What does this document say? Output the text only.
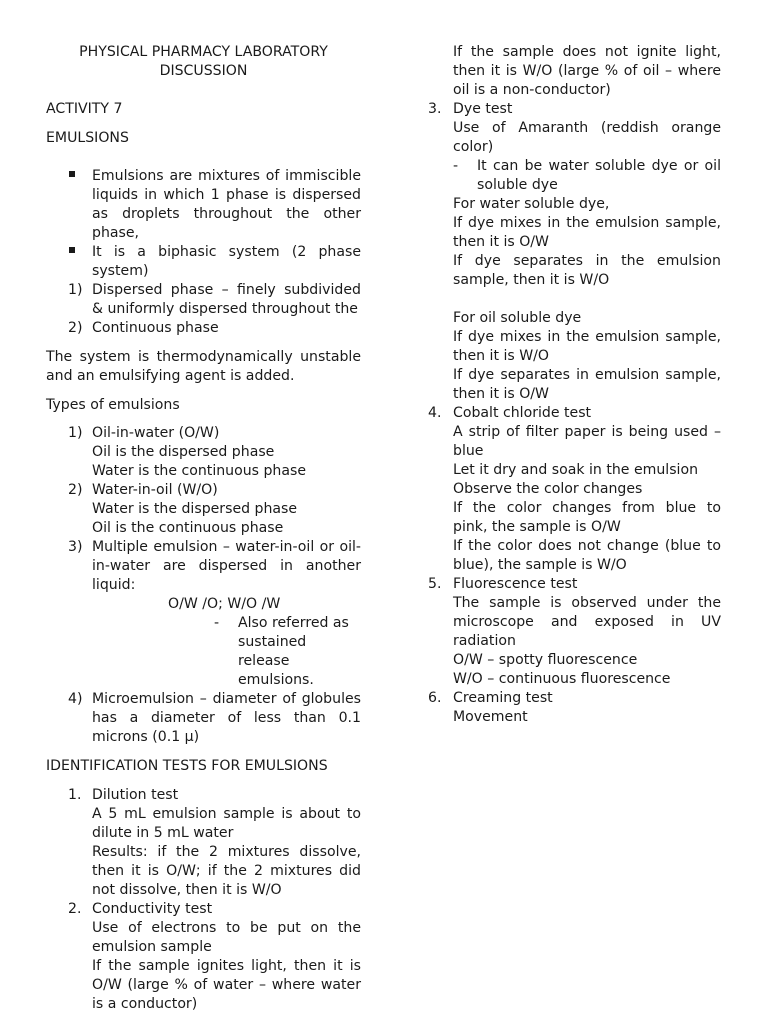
PHYSICAL PHARMACY LABORATORY

DISCUSSION

ACTIVITY 7

EMULSIONS

Emulsions are mixtures of immiscible liquids in which 1 phase is dispersed as droplets throughout the other phase,
It is a biphasic system (2 phase system)
1) Dispersed phase – finely subdivided & uniformly dispersed throughout the
2) Continuous phase

The system is thermodynamically unstable and an emulsifying agent is added.

Types of emulsions

1) Oil-in-water (O/W)

Oil is the dispersed phase

Water is the continuous phase

2) Water-in-oil (W/O)

Water is the dispersed phase

Oil is the continuous phase

3) Multiple emulsion – water-in-oil or oil-in-water are dispersed in another liquid:

O/W /O; W/O /W

-	Also referred as sustained release emulsions.
4) Microemulsion – diameter of globules has a diameter of less than 0.1 microns (0.1 μ)

IDENTIFICATION TESTS FOR EMULSIONS

1. Dilution test

A 5 mL emulsion sample is about to dilute in 5 mL water

Results: if the 2 mixtures dissolve, then it is O/W; if the 2 mixtures did not dissolve, then it is W/O

2. Conductivity test

Use of electrons to be put on the emulsion sample

If the sample ignites light, then it is O/W (large % of water – where water is a conductor)

If the sample does not ignite light, then it is W/O (large % of oil – where oil is a non-conductor)

3. Dye test

Use of Amaranth (reddish orange color)

-	It can be water soluble dye or oil soluble dye

For water soluble dye,

If dye mixes in the emulsion sample, then it is O/W

If dye separates in the emulsion sample, then it is W/O

For oil soluble dye

If dye mixes in the emulsion sample, then it is W/O

If dye separates in emulsion sample, then it is O/W

4. Cobalt chloride test

A strip of filter paper is being used – blue

Let it dry and soak in the emulsion

Observe the color changes

If the color changes from blue to pink, the sample is O/W

If the color does not change (blue to blue), the sample is W/O

5. Fluorescence test

The sample is observed under the microscope and exposed in UV radiation

O/W – spotty fluorescence

W/O – continuous fluorescence

6. Creaming test

Movement
